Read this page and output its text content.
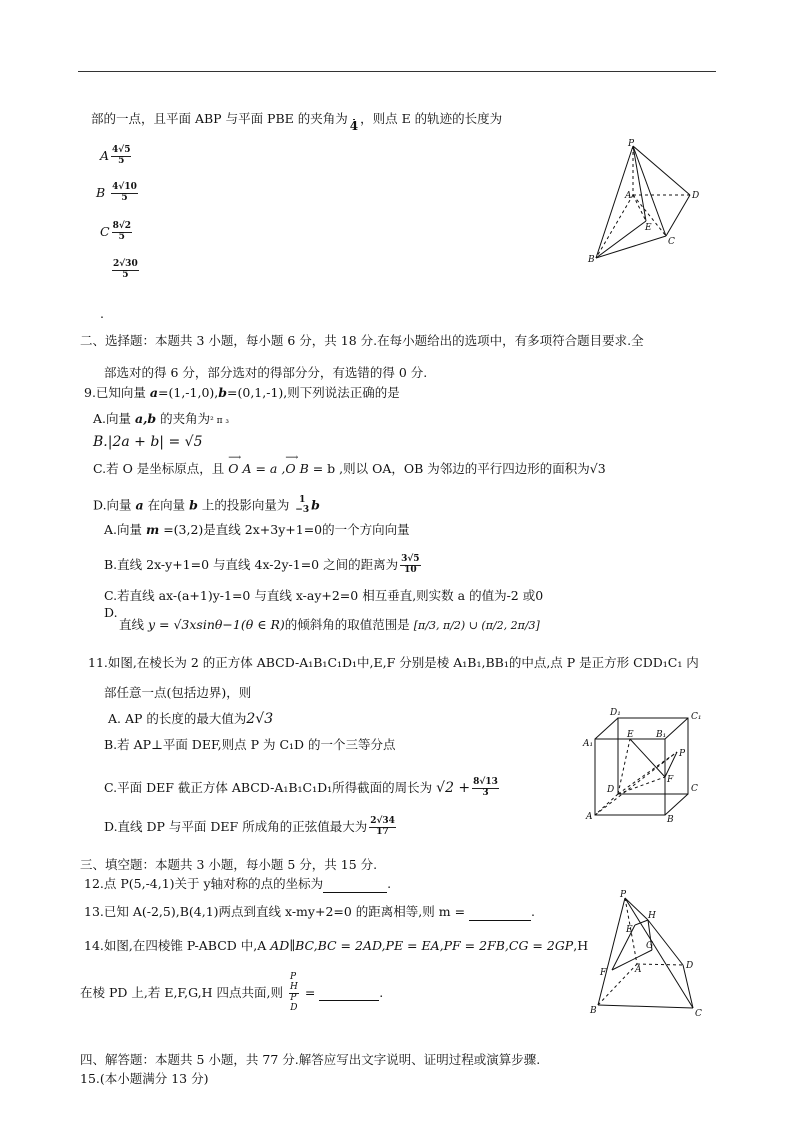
部的一点，且平面 ABP 与平面 PBE 的夹角为 4 ，则点 E 的轨迹的长度为
A $\frac{4√5}{5}$
B $\frac{4√10}{5}$
C $\frac{8√2}{5}$
$\frac{2√30}{5}$
.
P
A	D
E
B
C
二、选择题：本题共 3 小题，每小题 6 分，共 18 分.在每小题给出的选项中，有多项符合题目要求.全
部选对的得 6 分，部分选对的得部分分，有选错的得 0 分.
9.已知向量 a=(1,-1,0),b=(0,1,-1),则下列说法正确的是
A.向量 a,b 的夹角为² π ₃
B.|2a + b| = √5
C.若 O 是坐标原点，且
⟶
O A = a ,
⟶
O B = b ,则以 OA，OB 为邻边的平行四边形的面积为√3
D.向量 a 在向量 b 上的投影向量为 1
−3 b
A.向量 m =(3,2)是直线 2x+3y+1=0的一个方向向量
B.直线 2x-y+1=0 与直线 4x-2y-1=0 之间的距离为 $\frac{3√5}{10}$
C.若直线 ax-(a+1)y-1=0 与直线 x-ay+2=0 相互垂直,则实数 a 的值为-2 或0
D.
直线 y = √3xsinθ−1(θ ∈ R)的倾斜角的取值范围是 [π/3, π/2) ∪ (π/2, 2π/3]
11.如图,在棱长为 2 的正方体 ABCD-A₁B₁C₁D₁中,E,F 分别是棱 A₁B₁,BB₁的中点,点 P 是正方形 CDD₁C₁ 内
部任意一点(包括边界)，则
A. AP 的长度的最大值为2√3
B.若 AP⊥平面 DEF,则点 P 为 C₁D 的一个三等分点
C.平面 DEF 截正方体 ABCD-A₁B₁C₁D₁所得截面的周长为 $√2 + \frac{8√13}{3}$
D.直线 DP 与平面 DEF 所成角的正弦值最大为 $\frac{2√34}{17}$
D₁	C₁
E B₁
A₁
P
F
D	C
A	B
三、填空题：本题共 3 小题，每小题 5 分，共 15 分.
12.点 P(5,-4,1)关于 y轴对称的点的坐标为	.
13.已知 A(-2,5),B(4,1)两点到直线 x-my+2=0 的距离相等,则 m =	.
14.如图,在四棱锥 P-ABCD 中,A AD∥BC,BC = 2AD,PE = EA,PF = 2FB,CG = 2GP,H
在棱 PD 上,若 E,F,G,H 四点共面,则
P
H
P
D
=	.
P
H
E
G
A	D
F
B	C
四、解答题：本题共 5 小题，共 77 分.解答应写出文字说明、证明过程或演算步骤.
15.(本小题满分 13 分)
